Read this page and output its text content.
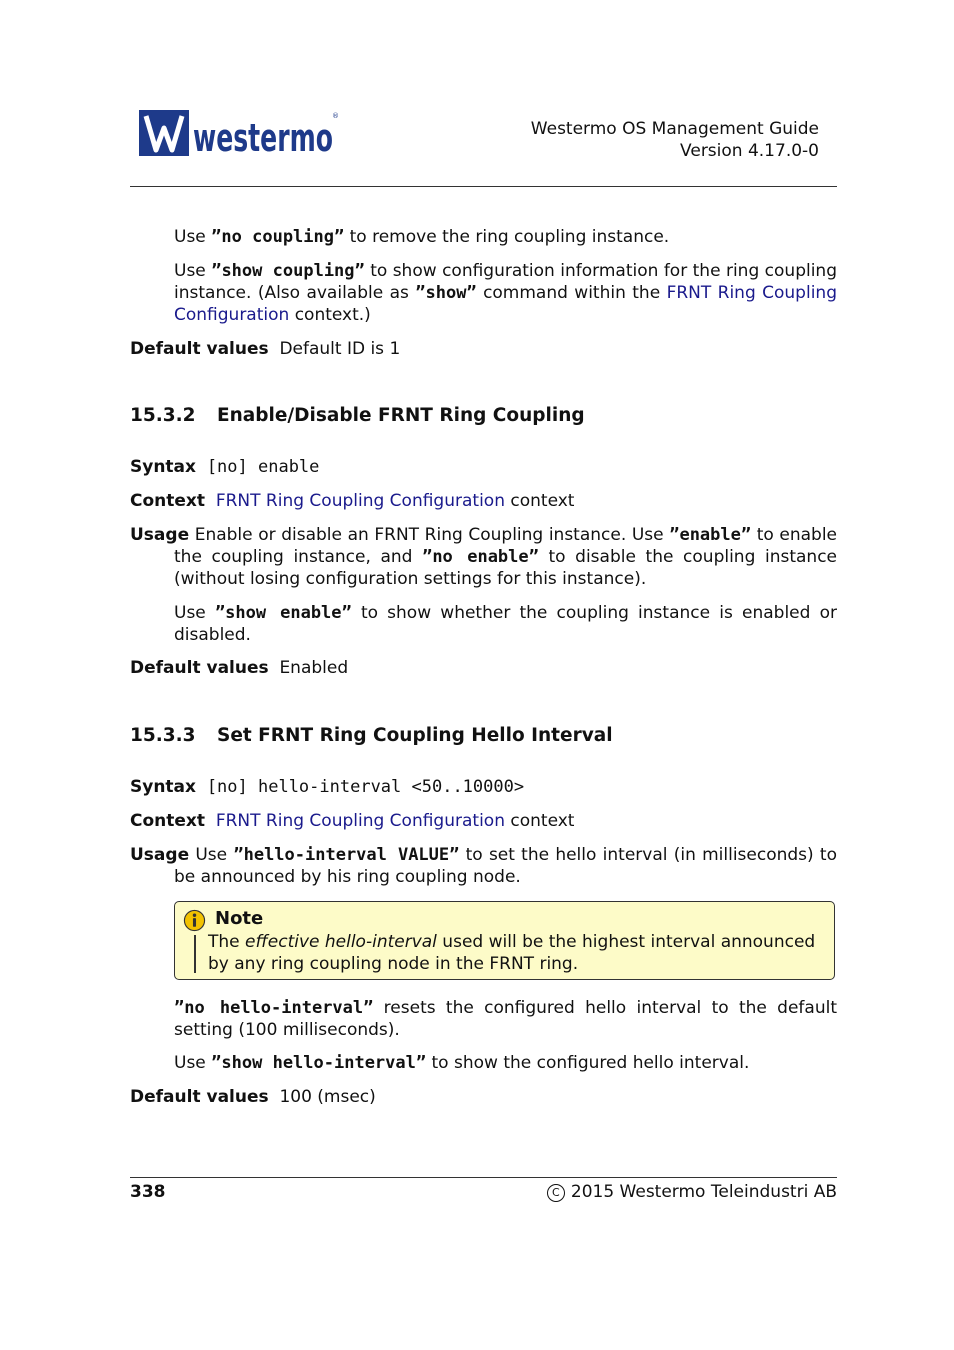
westermo ®
Westermo OS Management Guide
Version 4.17.0-0
Use ”no coupling” to remove the ring coupling instance.
Use ”show coupling” to show configuration information for the ring coupling instance. (Also available as ”show” command within the FRNT Ring Coupling Configuration context.)
Default values Default ID is 1
15.3.2 Enable/Disable FRNT Ring Coupling
Syntax [no] enable
Context FRNT Ring Coupling Configuration context
Usage Enable or disable an FRNT Ring Coupling instance. Use ”enable” to enable the coupling instance, and ”no enable” to disable the coupling instance (without losing configuration settings for this instance).
Use ”show enable” to show whether the coupling instance is enabled or disabled.
Default values Enabled
15.3.3 Set FRNT Ring Coupling Hello Interval
Syntax [no] hello-interval <50..10000>
Context FRNT Ring Coupling Configuration context
Usage Use ”hello-interval VALUE” to set the hello interval (in milliseconds) to be announced by his ring coupling node.
Note
The effective hello-interval used will be the highest interval announced by any ring coupling node in the FRNT ring.
”no hello-interval” resets the configured hello interval to the default setting (100 milliseconds).
Use ”show hello-interval” to show the configured hello interval.
Default values 100 (msec)
338	C 2015 Westermo Teleindustri AB
